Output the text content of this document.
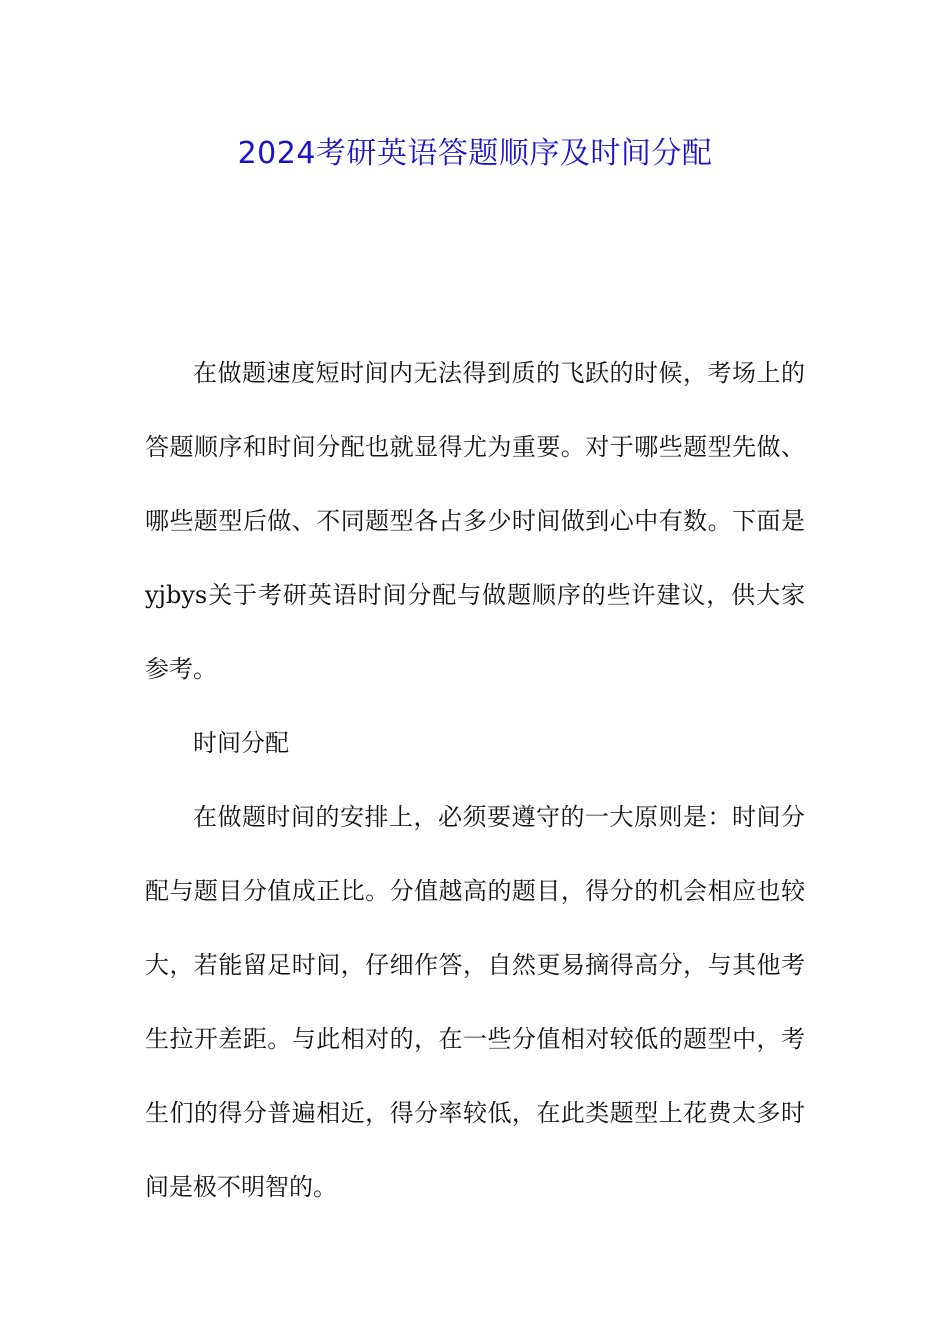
2024考研英语答题顺序及时间分配

在做题速度短时间内无法得到质的飞跃的时候，考场上的答题顺序和时间分配也就显得尤为重要。对于哪些题型先做、哪些题型后做、不同题型各占多少时间做到心中有数。下面是yjbys关于考研英语时间分配与做题顺序的些许建议，供大家参考。

时间分配

在做题时间的安排上，必须要遵守的一大原则是：时间分配与题目分值成正比。分值越高的题目，得分的机会相应也较大，若能留足时间，仔细作答，自然更易摘得高分，与其他考生拉开差距。与此相对的，在一些分值相对较低的题型中，考生们的得分普遍相近，得分率较低，在此类题型上花费太多时间是极不明智的。
